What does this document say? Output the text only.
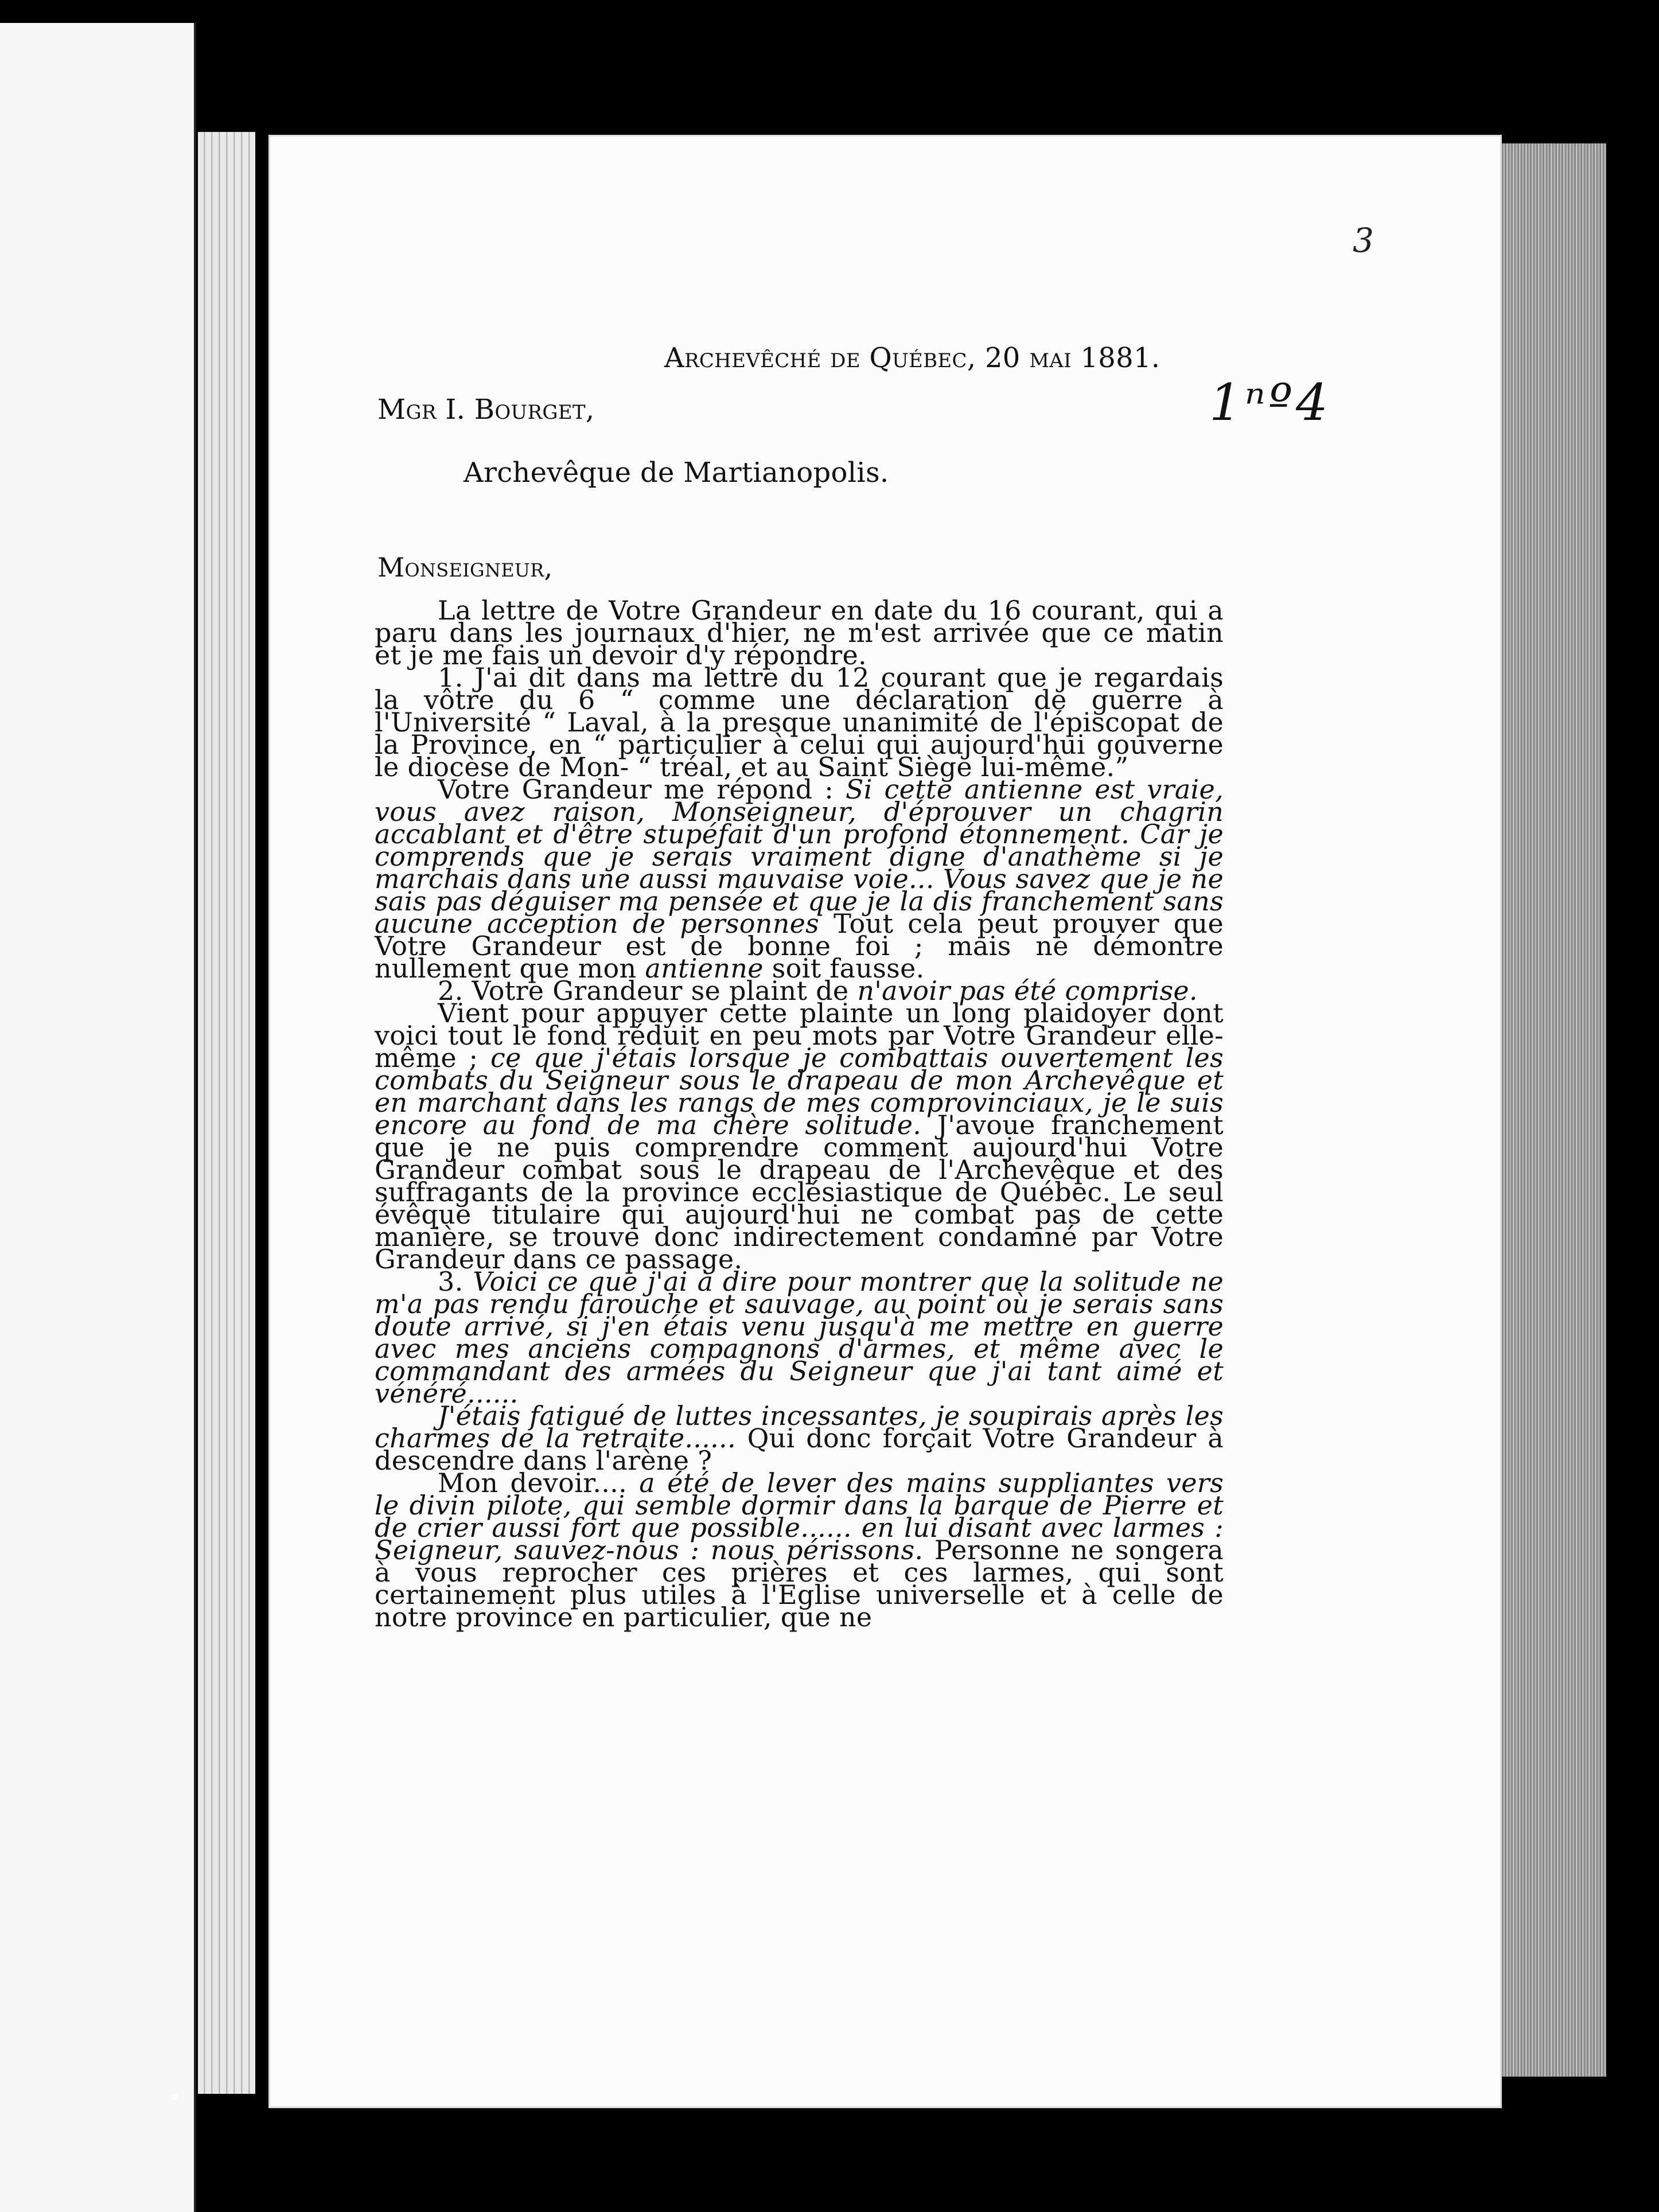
3
1ⁿº4
Archevêché de Québec, 20 mai 1881.
Mgr I. Bourget,
Archevêque de Martianopolis.
Monseigneur,

La lettre de Votre Grandeur en date du 16 courant, qui a paru dans les journaux d'hier, ne m'est arrivée que ce matin et je me fais un devoir d'y répondre.

1. J'ai dit dans ma lettre du 12 courant que je regardais la vôtre du 6 “ comme une déclaration de guerre à l'Université “ Laval, à la presque unanimité de l'épiscopat de la Province, en “ particulier à celui qui aujourd'hui gouverne le diocèse de Mon- “ tréal, et au Saint Siège lui-même.”

Votre Grandeur me répond : Si cette antienne est vraie, vous avez raison, Monseigneur, d'éprouver un chagrin accablant et d'être stupéfait d'un profond étonnement. Car je comprends que je serais vraiment digne d'anathème si je marchais dans une aussi mauvaise voie... Vous savez que je ne sais pas déguiser ma pensée et que je la dis franchement sans aucune acception de personnes Tout cela peut prouver que Votre Grandeur est de bonne foi ; mais ne démontre nullement que mon antienne soit fausse.

2. Votre Grandeur se plaint de n'avoir pas été comprise.

Vient pour appuyer cette plainte un long plaidoyer dont voici tout le fond réduit en peu mots par Votre Grandeur elle-même ; ce que j'étais lorsque je combattais ouvertement les combats du Seigneur sous le drapeau de mon Archevêque et en marchant dans les rangs de mes comprovinciaux, je le suis encore au fond de ma chère solitude. J'avoue franchement que je ne puis comprendre comment aujourd'hui Votre Grandeur combat sous le drapeau de l'Archevêque et des suffragants de la province ecclésiastique de Québec. Le seul évêque titulaire qui aujourd'hui ne combat pas de cette manière, se trouve donc indirectement condamné par Votre Grandeur dans ce passage.

3. Voici ce que j'ai à dire pour montrer que la solitude ne m'a pas rendu farouche et sauvage, au point où je serais sans doute arrivé, si j'en étais venu jusqu'à me mettre en guerre avec mes anciens compagnons d'armes, et même avec le commandant des armées du Seigneur que j'ai tant aimé et vénéré......

J'étais fatigué de luttes incessantes, je soupirais après les charmes de la retraite...... Qui donc forçait Votre Grandeur à descendre dans l'arène ?

Mon devoir.... a été de lever des mains suppliantes vers le divin pilote, qui semble dormir dans la barque de Pierre et de crier aussi fort que possible...... en lui disant avec larmes : Seigneur, sauvez-nous : nous périssons. Personne ne songera à vous reprocher ces prières et ces larmes, qui sont certainement plus utiles à l'Eglise universelle et à celle de notre province en particulier, que ne
